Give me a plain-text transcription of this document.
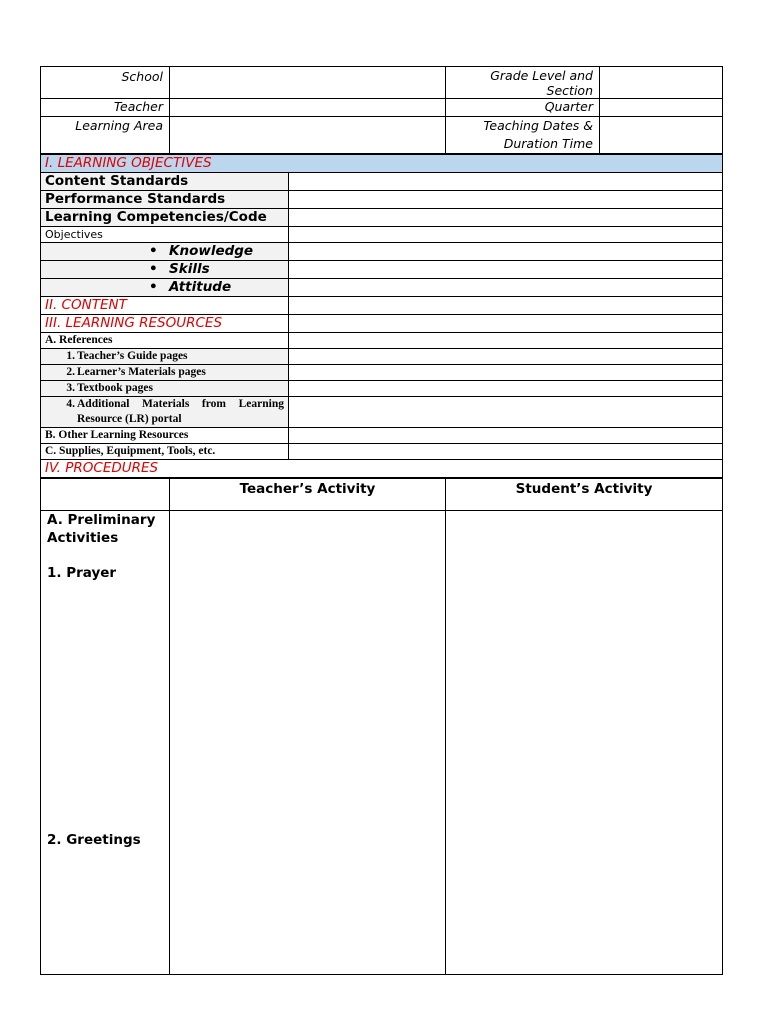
School		Grade Level and Section	
Teacher		Quarter	
Learning Area		Teaching Dates &
Duration Time	

I. LEARNING OBJECTIVES	
Content Standards	
Performance Standards	
Learning Competencies/Code	
Objectives	
• Knowledge	
• Skills	
• Attitude	
II. CONTENT	
III. LEARNING RESOURCES	
A. References	
1. Teacher’s Guide pages	
2. Learner’s Materials pages	
3. Textbook pages	

4. Additional Materials from Learning Resource (LR) portal	

B. Other Learning Resources	
C. Supplies, Equipment, Tools, etc.	
IV. PROCEDURES	
	Teacher’s Activity	Student’s Activity

A. Preliminary Activities
1. Prayer
2. Greetings		
